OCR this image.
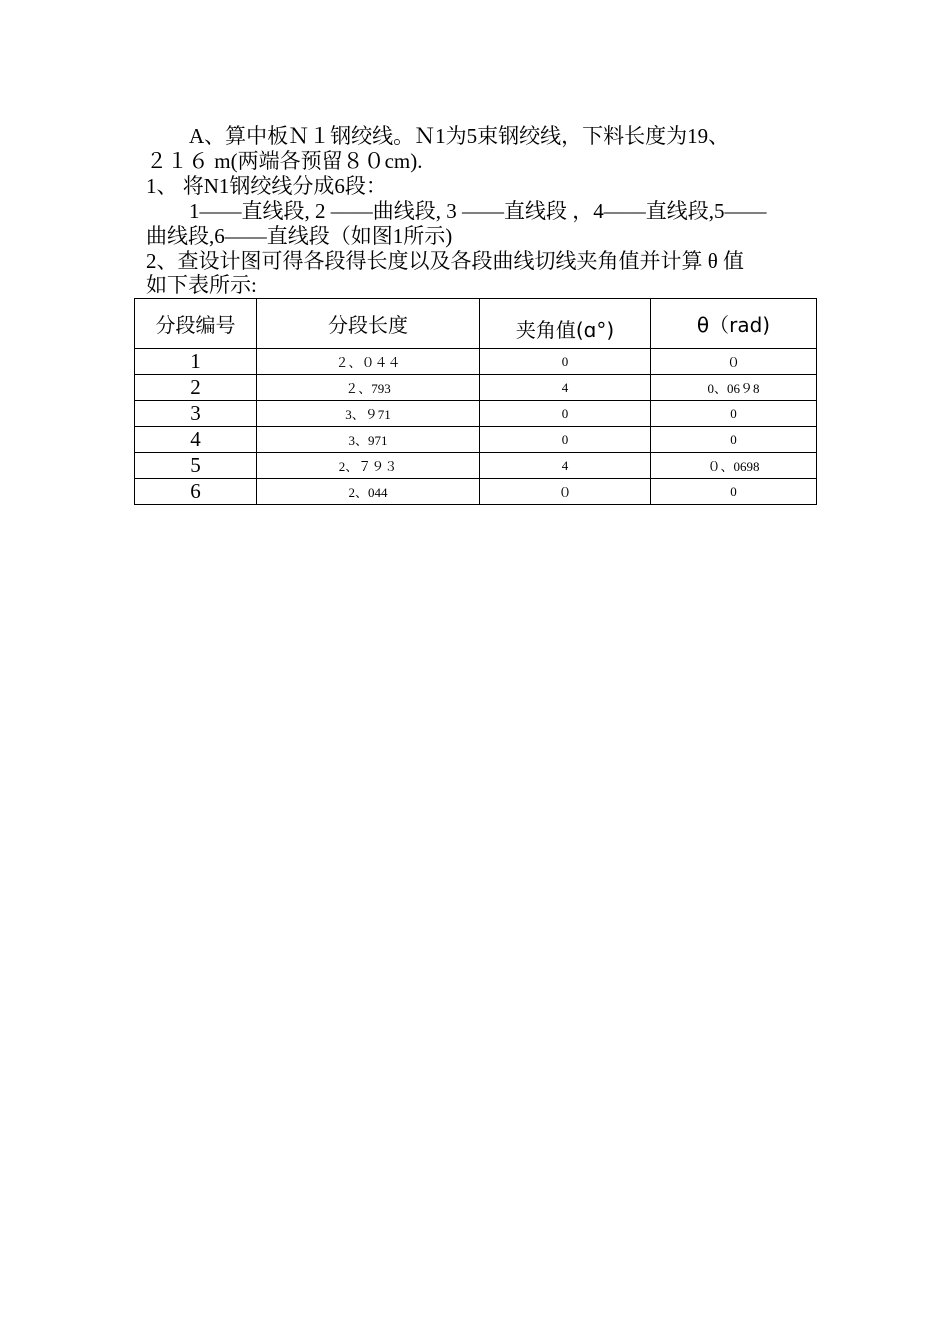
A、算中板Ｎ１钢绞线。Ｎ1为5束钢绞线，下料长度为19、
２１６ m(两端各预留８０cm).
1、 将N1钢绞线分成6段：
1——直线段, 2 ——曲线段, 3 ——直线段 ，4——直线段,5——
曲线段,6——直线段（如图1所示)
2、查设计图可得各段得长度以及各段曲线切线夹角值并计算 θ 值
如下表所示:
分段编号	分段长度	夹角值(ɑ°)	θ（rad)
1	２、０４４	0	０
2	２、793	4	0、06９8
3	3、９71	0	0
4	3、971	0	0
5	2、７９３	4	０、0698
6	2、044	０	0
